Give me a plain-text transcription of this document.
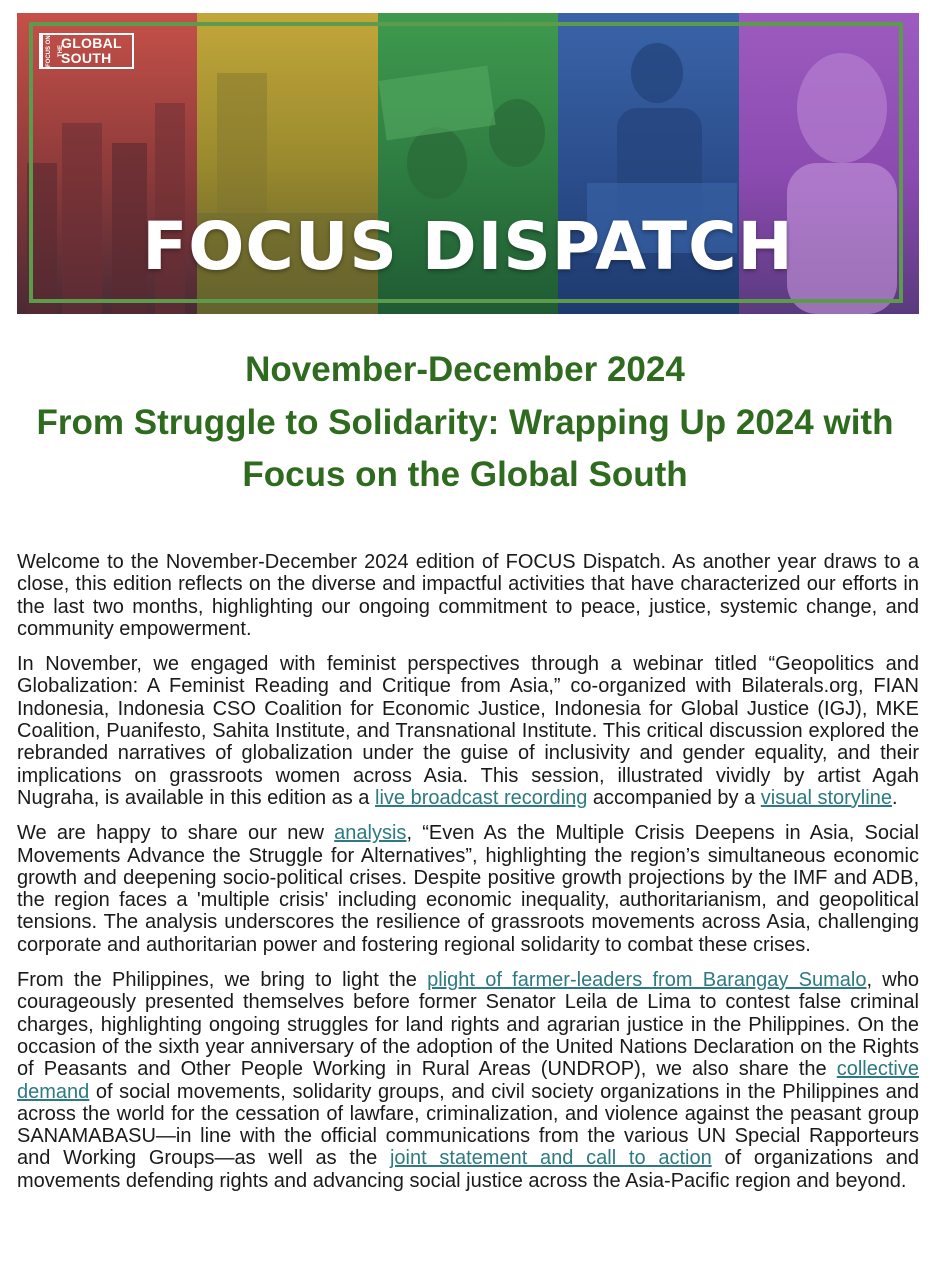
FOCUS ON THE
GLOBAL
SOUTH
FOCUS DISPATCH
November-December 2024
From Struggle to Solidarity: Wrapping Up 2024 with Focus on the Global South

Welcome to the November-December 2024 edition of FOCUS Dispatch. As another year draws to a close, this edition reflects on the diverse and impactful activities that have characterized our efforts in the last two months, highlighting our ongoing commitment to peace, justice, systemic change, and community empowerment.

In November, we engaged with feminist perspectives through a webinar titled “Geopolitics and Globalization: A Feminist Reading and Critique from Asia,” co-organized with Bilaterals.org, FIAN Indonesia, Indonesia CSO Coalition for Economic Justice, Indonesia for Global Justice (IGJ), MKE Coalition, Puanifesto, Sahita Institute, and Transnational Institute. This critical discussion explored the rebranded narratives of globalization under the guise of inclusivity and gender equality, and their implications on grassroots women across Asia. This session, illustrated vividly by artist Agah Nugraha, is available in this edition as a live broadcast recording accompanied by a visual storyline.

We are happy to share our new analysis, “Even As the Multiple Crisis Deepens in Asia, Social Movements Advance the Struggle for Alternatives”, highlighting the region’s simultaneous economic growth and deepening socio-political crises. Despite positive growth projections by the IMF and ADB, the region faces a 'multiple crisis' including economic inequality, authoritarianism, and geopolitical tensions. The analysis underscores the resilience of grassroots movements across Asia, challenging corporate and authoritarian power and fostering regional solidarity to combat these crises.

From the Philippines, we bring to light the plight of farmer-leaders from Barangay Sumalo, who courageously presented themselves before former Senator Leila de Lima to contest false criminal charges, highlighting ongoing struggles for land rights and agrarian justice in the Philippines. On the occasion of the sixth year anniversary of the adoption of the United Nations Declaration on the Rights of Peasants and Other People Working in Rural Areas (UNDROP), we also share the collective demand of social movements, solidarity groups, and civil society organizations in the Philippines and across the world for the cessation of lawfare, criminalization, and violence against the peasant group SANAMABASU—in line with the official communications from the various UN Special Rapporteurs and Working Groups—as well as the joint statement and call to action of organizations and movements defending rights and advancing social justice across the Asia-Pacific region and beyond.
